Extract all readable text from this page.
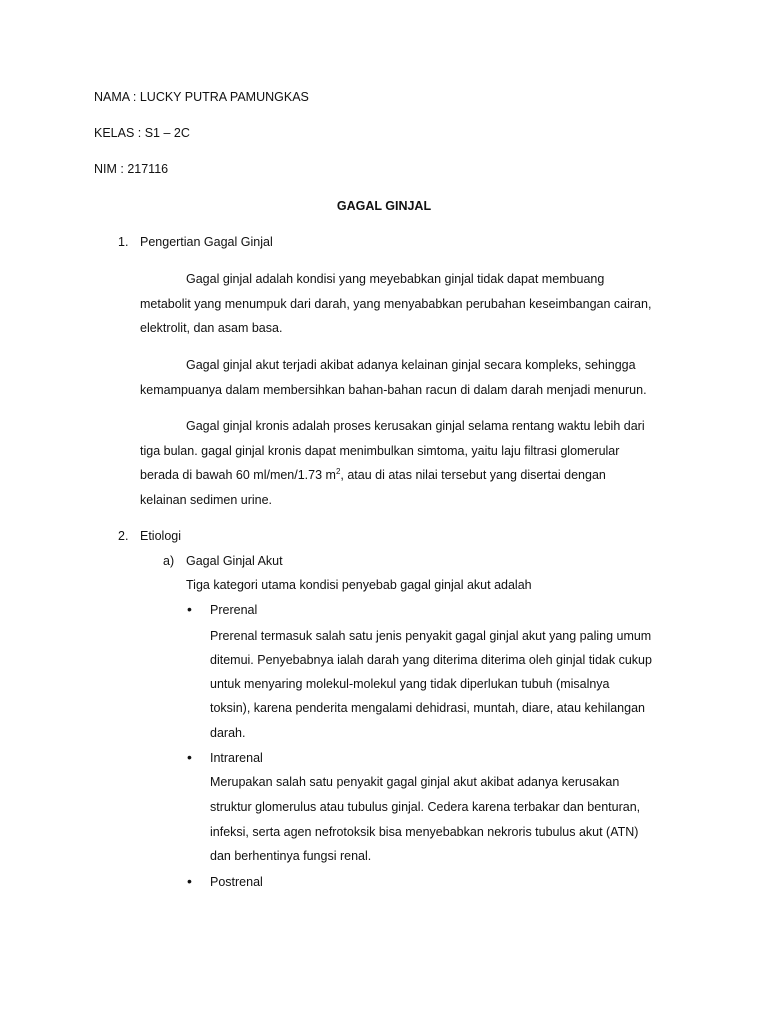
NAMA : LUCKY PUTRA PAMUNGKAS
KELAS : S1 – 2C
NIM : 217116
GAGAL GINJAL
1. Pengertian Gagal Ginjal
Gagal ginjal adalah kondisi yang meyebabkan ginjal tidak dapat membuang
metabolit yang menumpuk dari darah, yang menyababkan perubahan keseimbangan cairan,
elektrolit, dan asam basa.
Gagal ginjal akut terjadi akibat adanya kelainan ginjal secara kompleks, sehingga
kemampuanya dalam membersihkan bahan-bahan racun di dalam darah menjadi menurun.
Gagal ginjal kronis adalah proses kerusakan ginjal selama rentang waktu lebih dari
tiga bulan. gagal ginjal kronis dapat menimbulkan simtoma, yaitu laju filtrasi glomerular
berada di bawah 60 ml/men/1.73 $m^2$, atau di atas nilai tersebut yang disertai dengan
kelainan sedimen urine.
2. Etiologi
a) Gagal Ginjal Akut
Tiga kategori utama kondisi penyebab gagal ginjal akut adalah
• Prerenal
Prerenal termasuk salah satu jenis penyakit gagal ginjal akut yang paling umum
ditemui. Penyebabnya ialah darah yang diterima diterima oleh ginjal tidak cukup
untuk menyaring molekul-molekul yang tidak diperlukan tubuh (misalnya
toksin), karena penderita mengalami dehidrasi, muntah, diare, atau kehilangan
darah.
• Intrarenal
Merupakan salah satu penyakit gagal ginjal akut akibat adanya kerusakan
struktur glomerulus atau tubulus ginjal. Cedera karena terbakar dan benturan,
infeksi, serta agen nefrotoksik bisa menyebabkan nekroris tubulus akut (ATN)
dan berhentinya fungsi renal.
• Postrenal
